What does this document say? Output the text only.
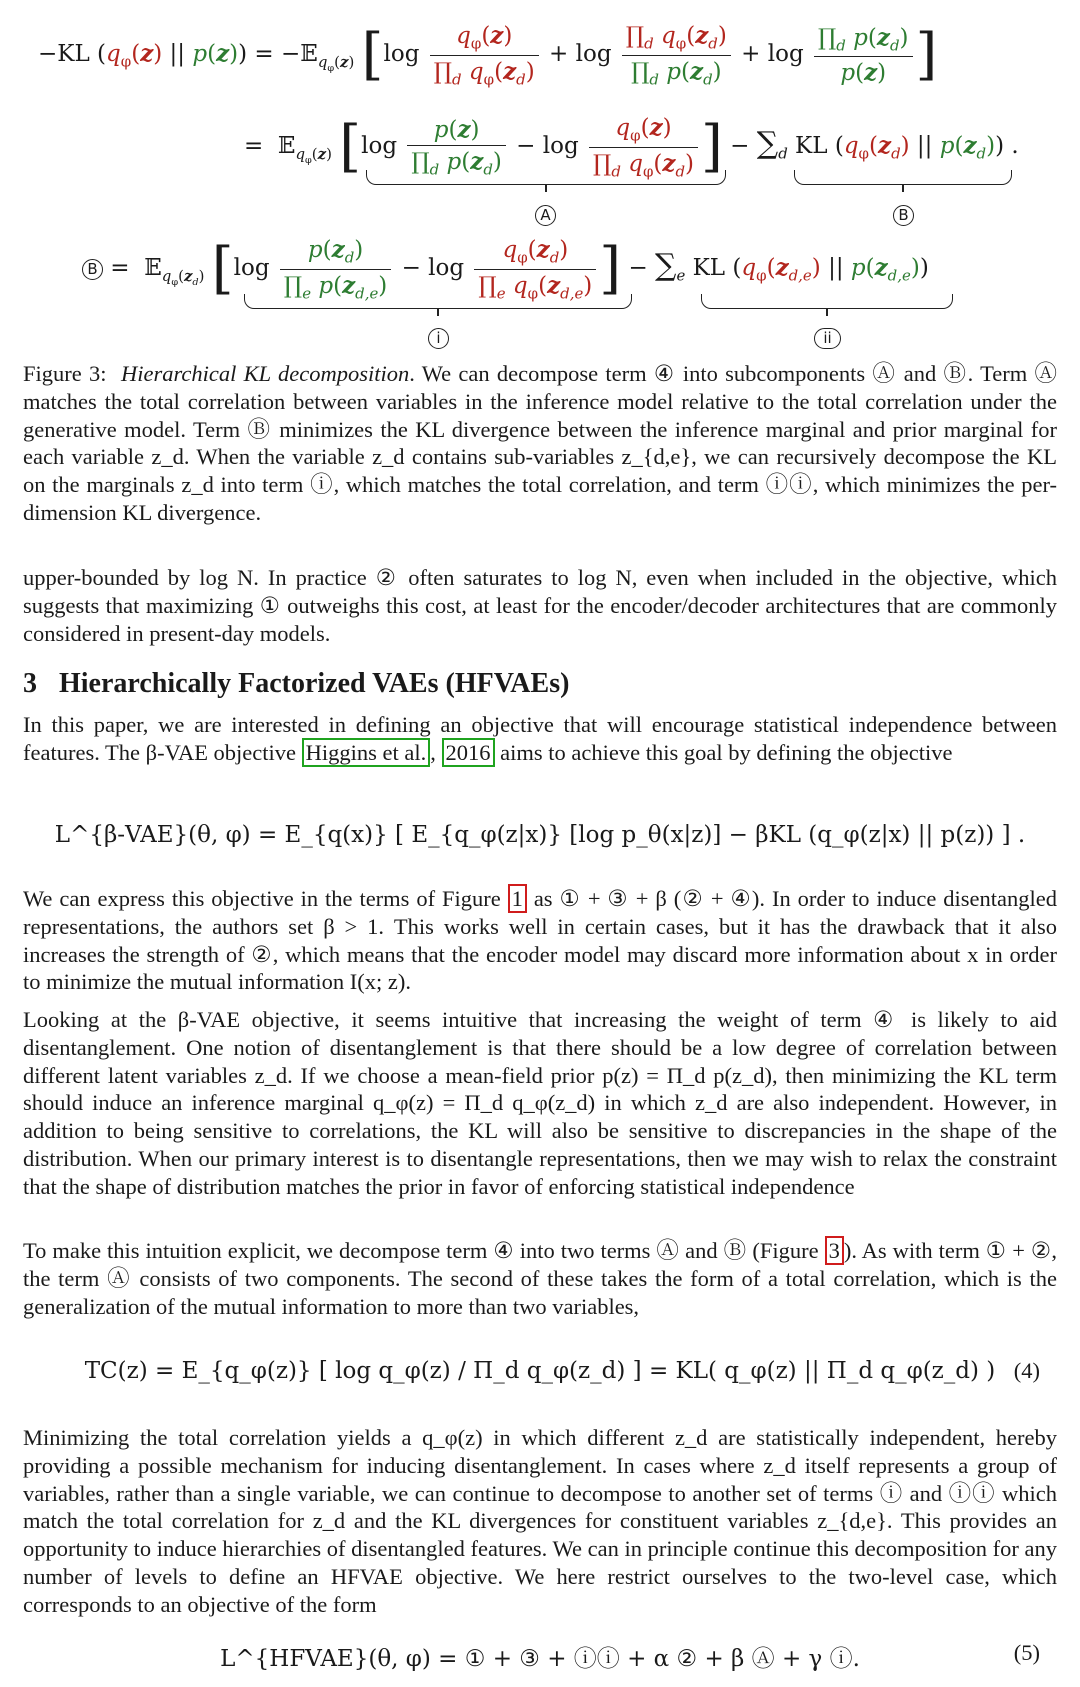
−KL ($q_\varphi(z)$ || p(z)) = −𝔼$_{q_\varphi(z)}$ [$\log \frac{q_\varphi(z)}{\prod_d q_\varphi(z_d)} + \log \frac{\prod_d q_\varphi(z_d)}{\prod_d p(z_d)} + \log \frac{\prod_d p(z_d)}{p(z)}$ ]
=  𝔼$_{q_\varphi(z)}$ [$\log \frac{p(z)}{\prod_d p(z_d)} - \log \frac{q_\varphi(z)}{\prod_d q_\varphi(z_d)}$ ] − $\sum_d$ KL ($q_\varphi(z_d)$ || $p(z_d)$) .
A	B
B =  𝔼$_{q_\varphi(z_d)}$ [$\log \frac{p(z_d)}{\prod_e p(z_{d,e})} - \log \frac{q_\varphi(z_d)}{\prod_e q_\varphi(z_{d,e})}$ ] − $\sum_e$ KL ($q_\varphi(z_{d,e})$ || $p(z_{d,e})$)
i	ii
Figure 3: Hierarchical KL decomposition. We can decompose term ④ into subcomponents Ⓐ and Ⓑ. Term Ⓐ matches the total correlation between variables in the inference model relative to the total correlation under the generative model. Term Ⓑ minimizes the KL divergence between the inference marginal and prior marginal for each variable z_d. When the variable z_d contains sub-variables z_{d,e}, we can recursively decompose the KL on the marginals z_d into term ⓘ, which matches the total correlation, and term ⓘⓘ, which minimizes the per-dimension KL divergence.
upper-bounded by log N. In practice ② often saturates to log N, even when included in the objective, which suggests that maximizing ① outweighs this cost, at least for the encoder/decoder architectures that are commonly considered in present-day models.
3 Hierarchically Factorized VAEs (HFVAEs)
In this paper, we are interested in defining an objective that will encourage statistical independence between features. The β-VAE objective Higgins et al. , 2016 aims to achieve this goal by defining the objective
L^{β-VAE}(θ, φ) = E_{q(x)} [ E_{q_φ(z|x)} [log p_θ(x|z)] − βKL (q_φ(z|x) || p(z)) ] .
We can express this objective in the terms of Figure 1 as ① + ③ + β (② + ④). In order to induce disentangled representations, the authors set β > 1. This works well in certain cases, but it has the drawback that it also increases the strength of ②, which means that the encoder model may discard more information about x in order to minimize the mutual information I(x; z).
Looking at the β-VAE objective, it seems intuitive that increasing the weight of term ④ is likely to aid disentanglement. One notion of disentanglement is that there should be a low degree of correlation between different latent variables z_d. If we choose a mean-field prior p(z) = Π_d p(z_d), then minimizing the KL term should induce an inference marginal q_φ(z) = Π_d q_φ(z_d) in which z_d are also independent. However, in addition to being sensitive to correlations, the KL will also be sensitive to discrepancies in the shape of the distribution. When our primary interest is to disentangle representations, then we may wish to relax the constraint that the shape of distribution matches the prior in favor of enforcing statistical independence
To make this intuition explicit, we decompose term ④ into two terms Ⓐ and Ⓑ (Figure 3 ). As with term ① + ②, the term Ⓐ consists of two components. The second of these takes the form of a total correlation, which is the generalization of the mutual information to more than two variables,
TC(z) = E_{q_φ(z)} [ log q_φ(z) / Π_d q_φ(z_d) ] = KL( q_φ(z) || Π_d q_φ(z_d) ) (4)
Minimizing the total correlation yields a q_φ(z) in which different z_d are statistically independent, hereby providing a possible mechanism for inducing disentanglement. In cases where z_d itself represents a group of variables, rather than a single variable, we can continue to decompose to another set of terms ⓘ and ⓘⓘ which match the total correlation for z_d and the KL divergences for constituent variables z_{d,e}. This provides an opportunity to induce hierarchies of disentangled features. We can in principle continue this decomposition for any number of levels to define an HFVAE objective. We here restrict ourselves to the two-level case, which corresponds to an objective of the form
L^{HFVAE}(θ, φ) = ① + ③ + ⓘⓘ + α ② + β Ⓐ + γ ⓘ.	(5)
